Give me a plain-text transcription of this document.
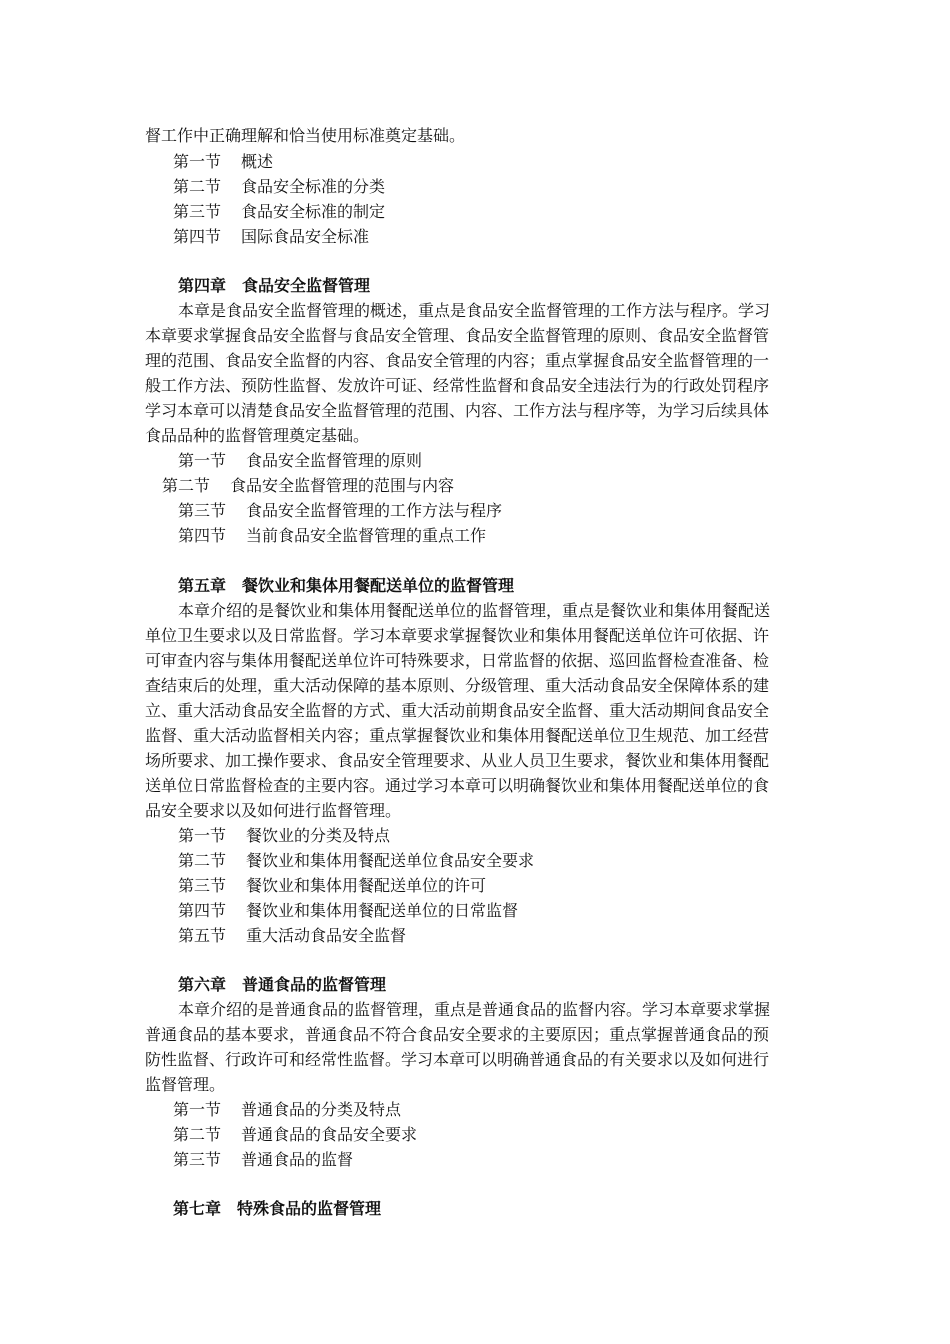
督工作中正确理解和恰当使用标准奠定基础。
第一节 概述
第二节 食品安全标准的分类
第三节 食品安全标准的制定
第四节 国际食品安全标准
第四章　食品安全监督管理
本章是食品安全监督管理的概述，重点是食品安全监督管理的工作方法与程序。学习
本章要求掌握食品安全监督与食品安全管理、食品安全监督管理的原则、食品安全监督管
理的范围、食品安全监督的内容、食品安全管理的内容；重点掌握食品安全监督管理的一
般工作方法、预防性监督、发放许可证、经常性监督和食品安全违法行为的行政处罚程序
学习本章可以清楚食品安全监督管理的范围、内容、工作方法与程序等，为学习后续具体
食品品种的监督管理奠定基础。
第一节 食品安全监督管理的原则
第二节 食品安全监督管理的范围与内容
第三节 食品安全监督管理的工作方法与程序
第四节 当前食品安全监督管理的重点工作
第五章　餐饮业和集体用餐配送单位的监督管理
本章介绍的是餐饮业和集体用餐配送单位的监督管理，重点是餐饮业和集体用餐配送
单位卫生要求以及日常监督。学习本章要求掌握餐饮业和集体用餐配送单位许可依据、许
可审查内容与集体用餐配送单位许可特殊要求，日常监督的依据、巡回监督检查准备、检
查结束后的处理，重大活动保障的基本原则、分级管理、重大活动食品安全保障体系的建
立、重大活动食品安全监督的方式、重大活动前期食品安全监督、重大活动期间食品安全
监督、重大活动监督相关内容；重点掌握餐饮业和集体用餐配送单位卫生规范、加工经营
场所要求、加工操作要求、食品安全管理要求、从业人员卫生要求，餐饮业和集体用餐配
送单位日常监督检查的主要内容。通过学习本章可以明确餐饮业和集体用餐配送单位的食
品安全要求以及如何进行监督管理。
第一节 餐饮业的分类及特点
第二节 餐饮业和集体用餐配送单位食品安全要求
第三节 餐饮业和集体用餐配送单位的许可
第四节 餐饮业和集体用餐配送单位的日常监督
第五节 重大活动食品安全监督
第六章　普通食品的监督管理
本章介绍的是普通食品的监督管理，重点是普通食品的监督内容。学习本章要求掌握
普通食品的基本要求，普通食品不符合食品安全要求的主要原因；重点掌握普通食品的预
防性监督、行政许可和经常性监督。学习本章可以明确普通食品的有关要求以及如何进行
监督管理。
第一节 普通食品的分类及特点
第二节 普通食品的食品安全要求
第三节 普通食品的监督
第七章　特殊食品的监督管理
